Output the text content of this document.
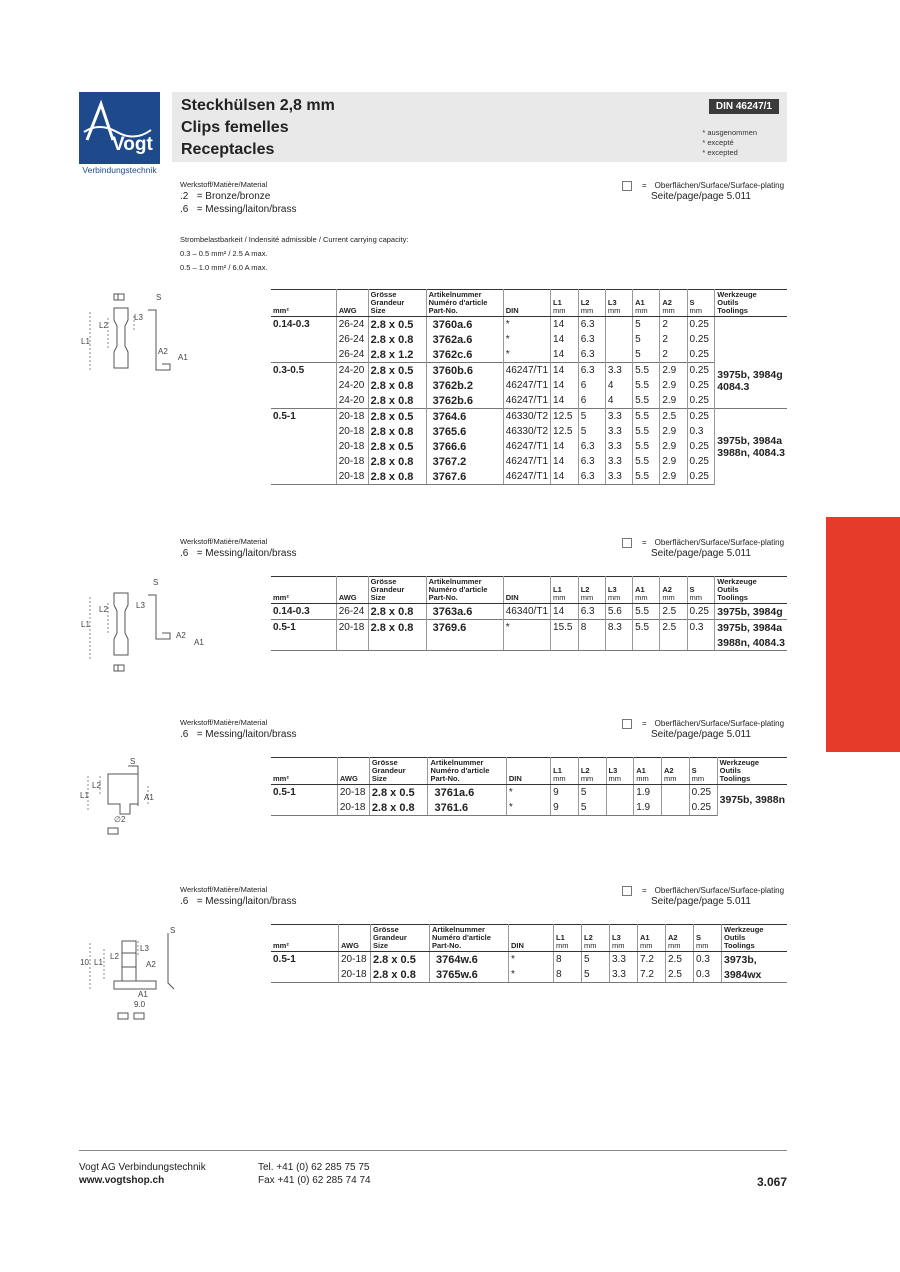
Vogt
Verbindungstechnik
Steckhülsen 2,8 mm
Clips femelles
Receptacles
DIN 46247/1
* ausgenommen
* excepté
* excepted
Werkstoff/Matière/Material
.2 = Bronze/bronze
.6 = Messing/laiton/brass
= Oberflächen/Surface/Surface-plating
Seite/page/page 5.011
Strombelastbarkeit / Indensité admissible / Current carrying capacity:
0.3 – 0.5 mm² / 2.5 A max.
0.5 – 1.0 mm² / 6.0 A max.
L1
L2
L3
A1
A2
S
mm²	AWG	Grösse
Grandeur
Size	Artikelnummer
Numéro d'article
Part-No.	DIN	L1
mm	L2
mm	L3
mm	A1
mm	A2
mm	S
mm	Werkzeuge
Outils
Toolings
0.14-0.3	26-24	2.8 x 0.5	3760a.6	*	14	6.3		5	2	0.25	3975b, 3984g
4084.3
	26-24	2.8 x 0.8	3762a.6	*	14	6.3		5	2	0.25	
	26-24	2.8 x 1.2	3762c.6	*	14	6.3		5	2	0.25	
0.3-0.5	24-20	2.8 x 0.5	3760b.6	46247/T1	14	6.3	3.3	5.5	2.9	0.25	
	24-20	2.8 x 0.8	3762b.2	46247/T1	14	6	4	5.5	2.9	0.25	
	24-20	2.8 x 0.8	3762b.6	46247/T1	14	6	4	5.5	2.9	0.25	
0.5-1	20-18	2.8 x 0.5	3764.6	46330/T2	12.5	5	3.3	5.5	2.5	0.25	3975b, 3984a
3988n, 4084.3

	20-18	2.8 x 0.8	3765.6	46330/T2	12.5	5	3.3	5.5	2.9	0.3	
	20-18	2.8 x 0.5	3766.6	46247/T1	14	6.3	3.3	5.5	2.9	0.25	
	20-18	2.8 x 0.8	3767.2	46247/T1	14	6.3	3.3	5.5	2.9	0.25	
	20-18	2.8 x 0.8	3767.6	46247/T1	14	6.3	3.3	5.5	2.9	0.25	
Werkstoff/Matière/Material
.6 = Messing/laiton/brass
= Oberflächen/Surface/Surface-plating
Seite/page/page 5.011
L1
L2	L3
A1
A2
S
mm²	AWG	Grösse
Grandeur
Size	Artikelnummer
Numéro d'article
Part-No.	DIN	L1
mm	L2
mm	L3
mm	A1
mm	A2
mm	S
mm	Werkzeuge
Outils
Toolings
0.14-0.3	26-24	2.8 x 0.8	3763a.6	46340/T1	14	6.3	5.6	5.5	2.5	0.25	3975b, 3984g
0.5-1	20-18	2.8 x 0.8	3769.6	*	15.5	8	8.3	5.5	2.5	0.3	3975b, 3984a
											3988n, 4084.3
Werkstoff/Matière/Material
.6 = Messing/laiton/brass
= Oberflächen/Surface/Surface-plating
Seite/page/page 5.011
L1
L2
A1
S
∅2
mm²	AWG	Grösse
Grandeur
Size	Artikelnummer
Numéro d'article
Part-No.	DIN	L1
mm	L2
mm	L3
mm	A1
mm	A2
mm	S
mm	Werkzeuge
Outils
Toolings
0.5-1	20-18	2.8 x 0.5	3761a.6	*	9	5		1.9		0.25	3975b, 3988n
	20-18	2.8 x 0.8	3761.6	*	9	5		1.9		0.25	
Werkstoff/Matière/Material
.6 = Messing/laiton/brass
= Oberflächen/Surface/Surface-plating
Seite/page/page 5.011
10 L1
L2
L3
A1
A2
S
9.0
mm²	AWG	Grösse
Grandeur
Size	Artikelnummer
Numéro d'article
Part-No.	DIN	L1
mm	L2
mm	L3
mm	A1
mm	A2
mm	S
mm	Werkzeuge
Outils
Toolings
0.5-1	20-18	2.8 x 0.5	3764w.6	*	8	5	3.3	7.2	2.5	0.3	3973b,
	20-18	2.8 x 0.8	3765w.6	*	8	5	3.3	7.2	2.5	0.3	3984wx
Vogt AG Verbindungstechnik
www.vogtshop.ch
Tel. +41 (0) 62 285 75 75
Fax +41 (0) 62 285 74 74	3.067
